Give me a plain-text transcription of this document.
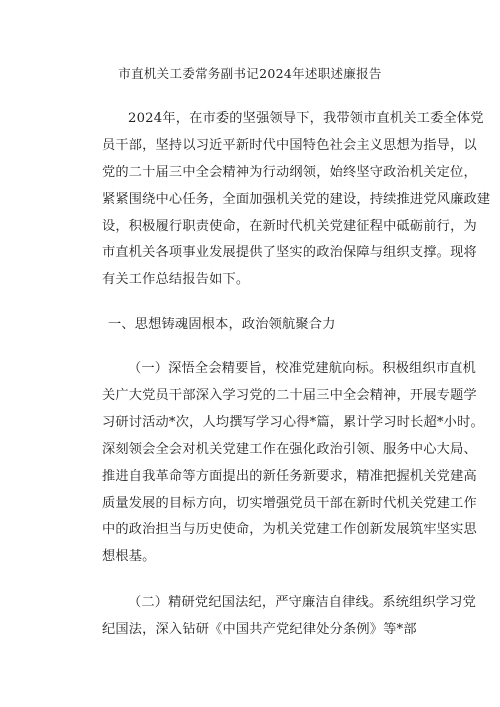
市直机关工委常务副书记2024年述职述廉报告
2024年，在市委的坚强领导下，我带领市直机关工委全体党
员干部，坚持以习近平新时代中国特色社会主义思想为指导，以
党的二十届三中全会精神为行动纲领，始终坚守政治机关定位，
紧紧围绕中心任务，全面加强机关党的建设，持续推进党风廉政建
设，积极履行职责使命，在新时代机关党建征程中砥砺前行，为
市直机关各项事业发展提供了坚实的政治保障与组织支撑。现将
有关工作总结报告如下。
一、思想铸魂固根本，政治领航聚合力
（一）深悟全会精要旨，校准党建航向标。积极组织市直机
关广大党员干部深入学习党的二十届三中全会精神，开展专题学
习研讨活动*次，人均撰写学习心得*篇，累计学习时长超*小时。
深刻领会全会对机关党建工作在强化政治引领、服务中心大局、
推进自我革命等方面提出的新任务新要求，精准把握机关党建高
质量发展的目标方向，切实增强党员干部在新时代机关党建工作
中的政治担当与历史使命，为机关党建工作创新发展筑牢坚实思
想根基。
（二）精研党纪国法纪，严守廉洁自律线。系统组织学习党
纪国法，深入钻研《中国共产党纪律处分条例》等*部
